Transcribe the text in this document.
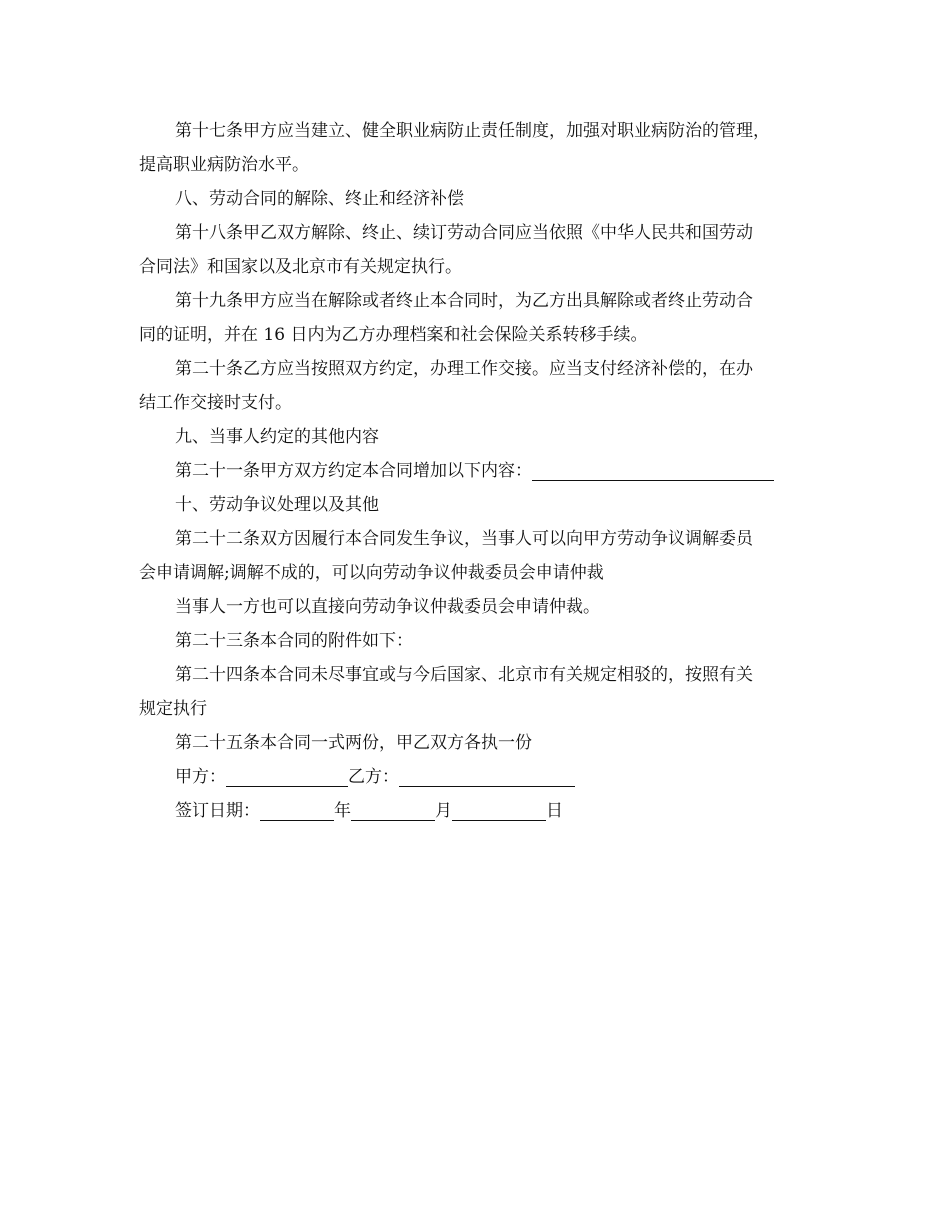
第十七条甲方应当建立、健全职业病防止责任制度，加强对职业病防治的管理，

提高职业病防治水平。

八、劳动合同的解除、终止和经济补偿

第十八条甲乙双方解除、终止、续订劳动合同应当依照《中华人民共和国劳动

合同法》和国家以及北京市有关规定执行。

第十九条甲方应当在解除或者终止本合同时，为乙方出具解除或者终止劳动合

同的证明，并在 16 日内为乙方办理档案和社会保险关系转移手续。

第二十条乙方应当按照双方约定，办理工作交接。应当支付经济补偿的，在办

结工作交接时支付。

九、当事人约定的其他内容

第二十一条甲方双方约定本合同增加以下内容：

十、劳动争议处理以及其他

第二十二条双方因履行本合同发生争议，当事人可以向甲方劳动争议调解委员

会申请调解;调解不成的，可以向劳动争议仲裁委员会申请仲裁

当事人一方也可以直接向劳动争议仲裁委员会申请仲裁。

第二十三条本合同的附件如下：

第二十四条本合同未尽事宜或与今后国家、北京市有关规定相驳的，按照有关

规定执行

第二十五条本合同一式两份，甲乙双方各执一份

甲方：	乙方：

签订日期：	年	月	日
